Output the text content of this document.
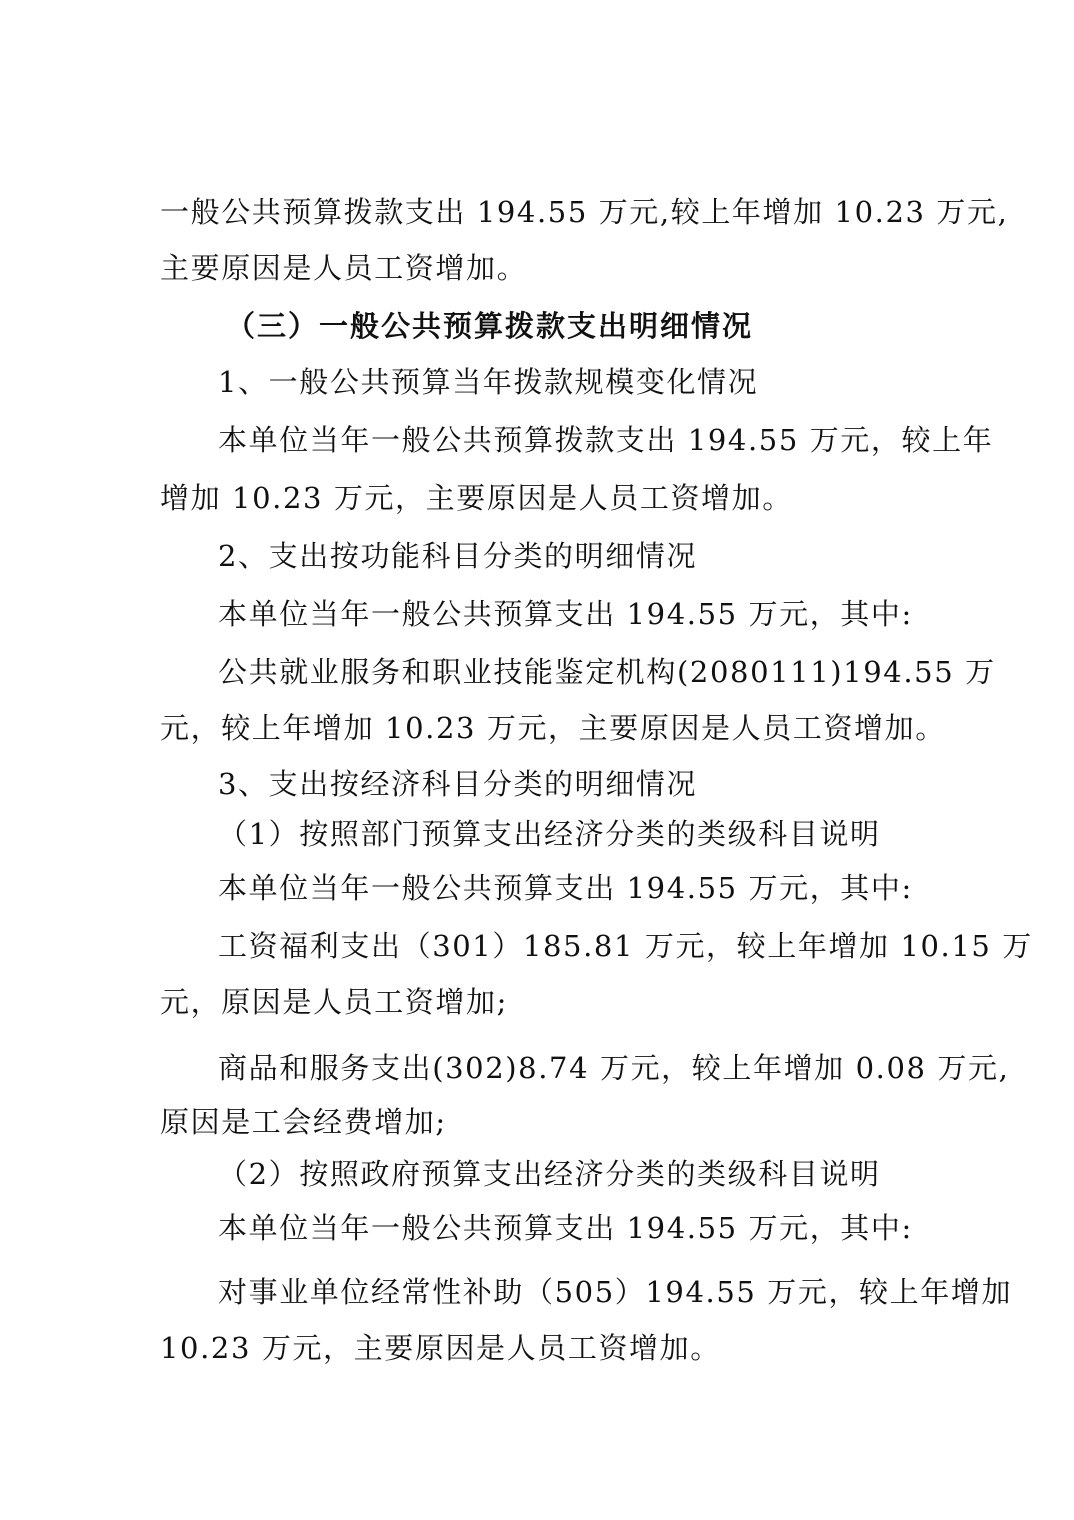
一般公共预算拨款支出 194.55 万元,较上年增加 10.23 万元,
主要原因是人员工资增加。
（三）一般公共预算拨款支出明细情况
1、一般公共预算当年拨款规模变化情况
本单位当年一般公共预算拨款支出 194.55 万元，较上年
增加 10.23 万元，主要原因是人员工资增加。
2、支出按功能科目分类的明细情况
本单位当年一般公共预算支出 194.55 万元，其中:
公共就业服务和职业技能鉴定机构(2080111)194.55 万
元，较上年增加 10.23 万元，主要原因是人员工资增加。
3、支出按经济科目分类的明细情况
（1）按照部门预算支出经济分类的类级科目说明
本单位当年一般公共预算支出 194.55 万元，其中:
工资福利支出（301）185.81 万元，较上年增加 10.15 万
元，原因是人员工资增加;
商品和服务支出(302)8.74 万元，较上年增加 0.08 万元,
原因是工会经费增加;
（2）按照政府预算支出经济分类的类级科目说明
本单位当年一般公共预算支出 194.55 万元，其中:
对事业单位经常性补助（505）194.55 万元，较上年增加
10.23 万元，主要原因是人员工资增加。
